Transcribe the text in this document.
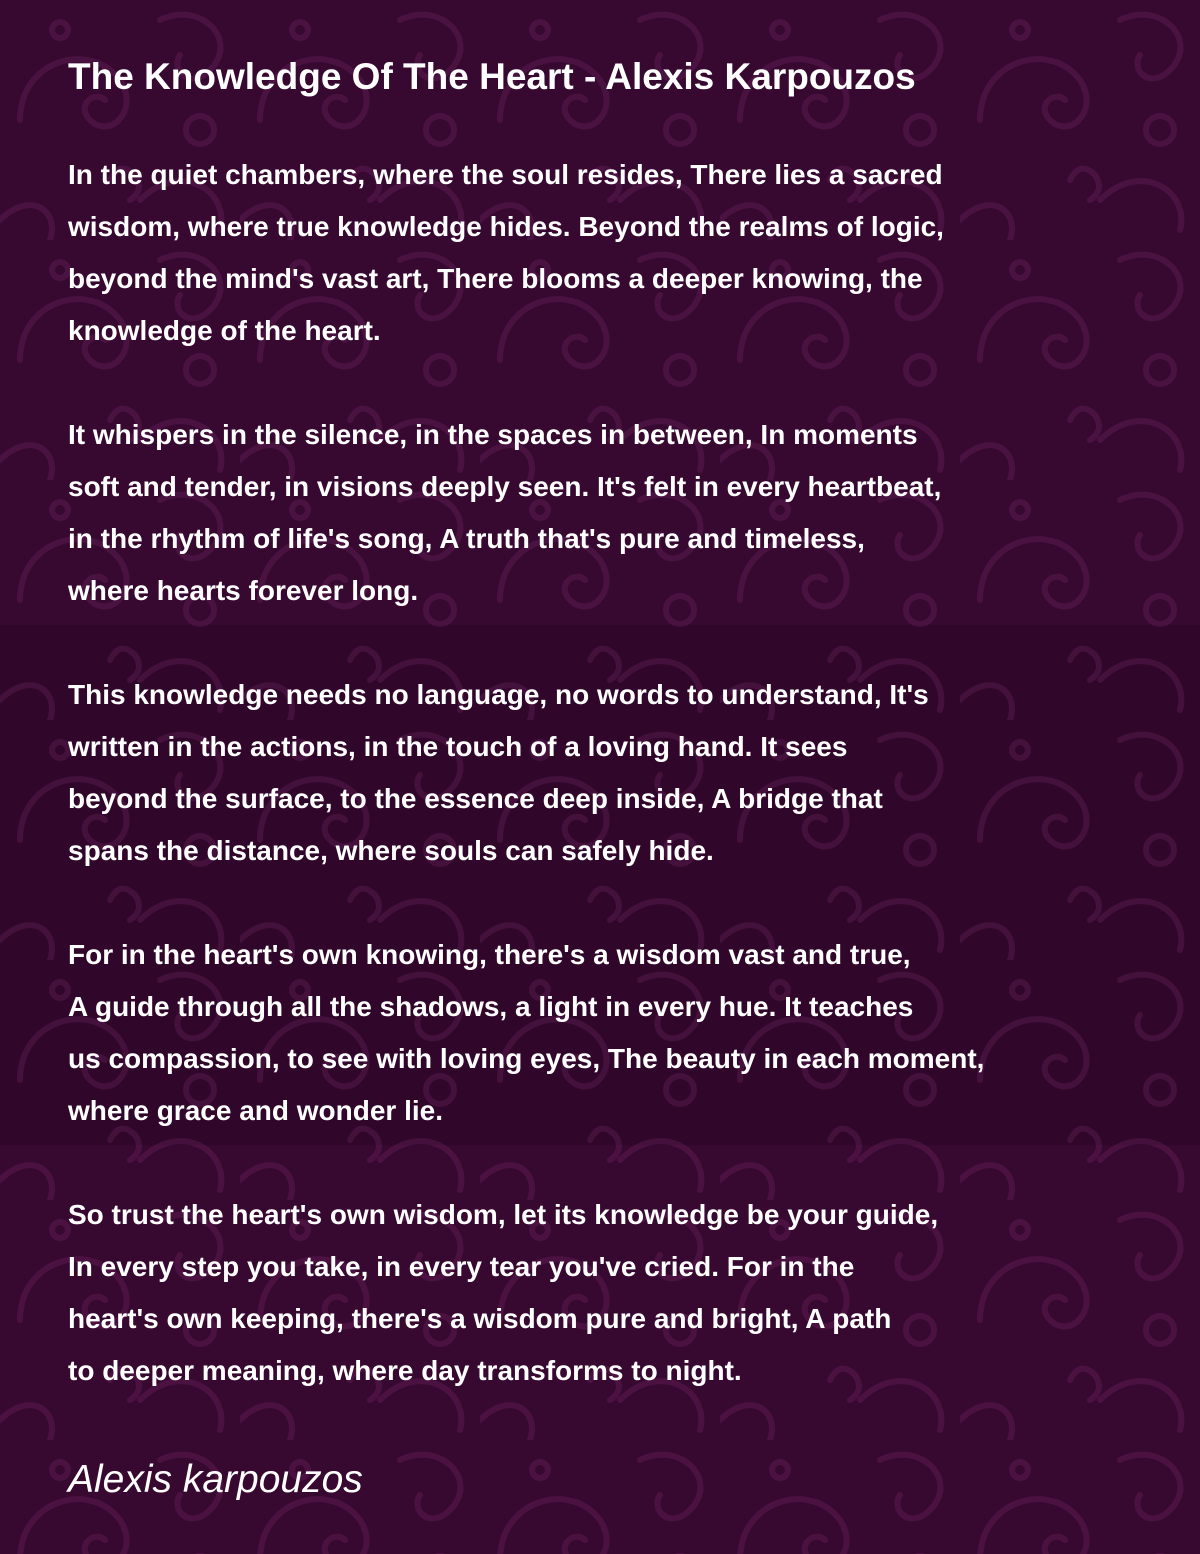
The Knowledge Of The Heart - Alexis Karpouzos

In the quiet chambers, where the soul resides, There lies a sacred
wisdom, where true knowledge hides. Beyond the realms of logic,
beyond the mind's vast art, There blooms a deeper knowing, the
knowledge of the heart.

It whispers in the silence, in the spaces in between, In moments
soft and tender, in visions deeply seen. It's felt in every heartbeat,
in the rhythm of life's song, A truth that's pure and timeless,
where hearts forever long.

This knowledge needs no language, no words to understand, It's
written in the actions, in the touch of a loving hand. It sees
beyond the surface, to the essence deep inside, A bridge that
spans the distance, where souls can safely hide.

For in the heart's own knowing, there's a wisdom vast and true,
A guide through all the shadows, a light in every hue. It teaches
us compassion, to see with loving eyes, The beauty in each moment,
where grace and wonder lie.

So trust the heart's own wisdom, let its knowledge be your guide,
In every step you take, in every tear you've cried. For in the
heart's own keeping, there's a wisdom pure and bright, A path
to deeper meaning, where day transforms to night.

Alexis karpouzos
